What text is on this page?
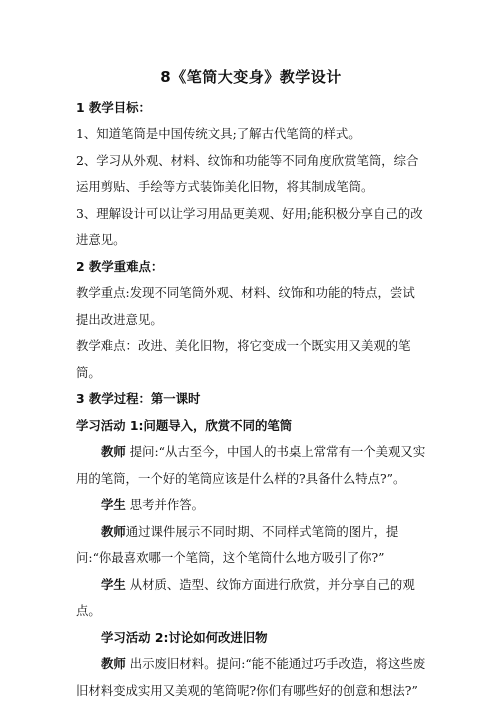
8《笔筒大变身》教学设计

1 教学目标：

1、知道笔筒是中国传统文具;了解古代笔筒的样式。

2、学习从外观、材料、纹饰和功能等不同角度欣赏笔筒，综合运用剪贴、手绘等方式装饰美化旧物，将其制成笔筒。

3、理解设计可以让学习用品更美观、好用;能积极分享自己的改进意见。

2 教学重难点：

教学重点:发现不同笔筒外观、材料、纹饰和功能的特点，尝试提出改进意见。

教学难点：改进、美化旧物，将它变成一个既实用又美观的笔筒。

3 教学过程：第一课时

学习活动 1:问题导入，欣赏不同的笔筒

教师 提问:“从古至今，中国人的书桌上常常有一个美观又实用的笔筒，一个好的笔筒应该是什么样的?具备什么特点?”。

学生 思考并作答。

教师通过课件展示不同时期、不同样式笔筒的图片，提问:“你最喜欢哪一个笔筒，这个笔筒什么地方吸引了你?”

学生 从材质、造型、纹饰方面进行欣赏，并分享自己的观点。

学习活动 2:讨论如何改进旧物

教师 出示废旧材料。提问:“能不能通过巧手改造，将这些废旧材料变成实用又美观的笔筒呢?你们有哪些好的创意和想法?”
